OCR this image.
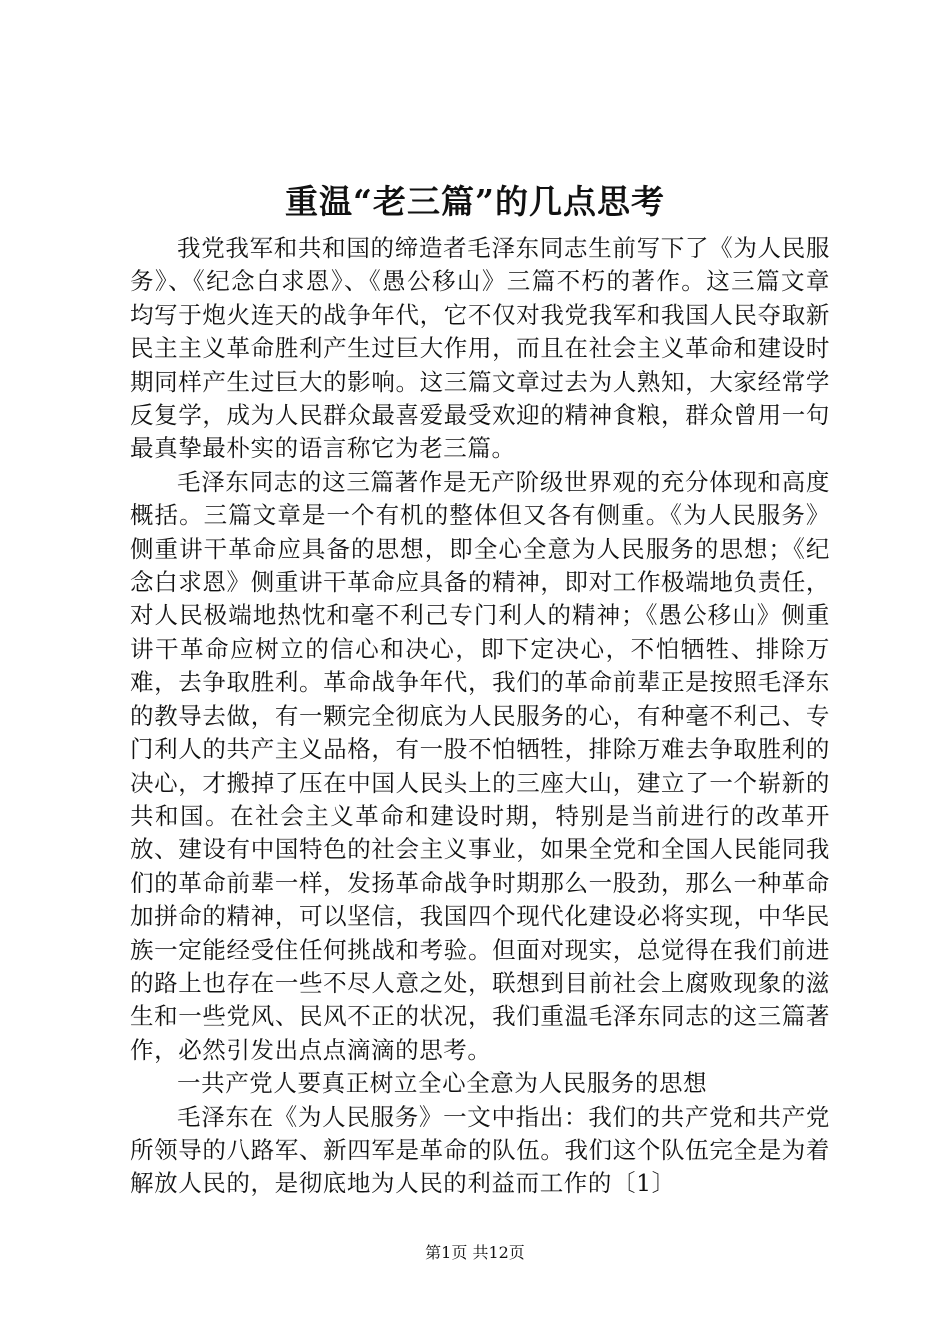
重温“老三篇”的几点思考

我党我军和共和国的缔造者毛泽东同志生前写下了《为人民服务》、《纪念白求恩》、《愚公移山》三篇不朽的著作。这三篇文章均写于炮火连天的战争年代，它不仅对我党我军和我国人民夺取新民主主义革命胜利产生过巨大作用，而且在社会主义革命和建设时期同样产生过巨大的影响。这三篇文章过去为人熟知，大家经常学反复学，成为人民群众最喜爱最受欢迎的精神食粮，群众曾用一句最真挚最朴实的语言称它为老三篇。

毛泽东同志的这三篇著作是无产阶级世界观的充分体现和高度概括。三篇文章是一个有机的整体但又各有侧重。《为人民服务》侧重讲干革命应具备的思想，即全心全意为人民服务的思想；《纪念白求恩》侧重讲干革命应具备的精神，即对工作极端地负责任，对人民极端地热忱和毫不利己专门利人的精神；《愚公移山》侧重讲干革命应树立的信心和决心，即下定决心，不怕牺牲、排除万难，去争取胜利。革命战争年代，我们的革命前辈正是按照毛泽东的教导去做，有一颗完全彻底为人民服务的心，有种毫不利己、专门利人的共产主义品格，有一股不怕牺牲，排除万难去争取胜利的决心，才搬掉了压在中国人民头上的三座大山，建立了一个崭新的共和国。在社会主义革命和建设时期，特别是当前进行的改革开放、建设有中国特色的社会主义事业，如果全党和全国人民能同我们的革命前辈一样，发扬革命战争时期那么一股劲，那么一种革命加拼命的精神，可以坚信，我国四个现代化建设必将实现，中华民族一定能经受住任何挑战和考验。但面对现实，总觉得在我们前进的路上也存在一些不尽人意之处，联想到目前社会上腐败现象的滋生和一些党风、民风不正的状况，我们重温毛泽东同志的这三篇著作，必然引发出点点滴滴的思考。

一共产党人要真正树立全心全意为人民服务的思想

毛泽东在《为人民服务》一文中指出：我们的共产党和共产党所领导的八路军、新四军是革命的队伍。我们这个队伍完全是为着解放人民的，是彻底地为人民的利益而工作的〔1〕

第1页 共12页
